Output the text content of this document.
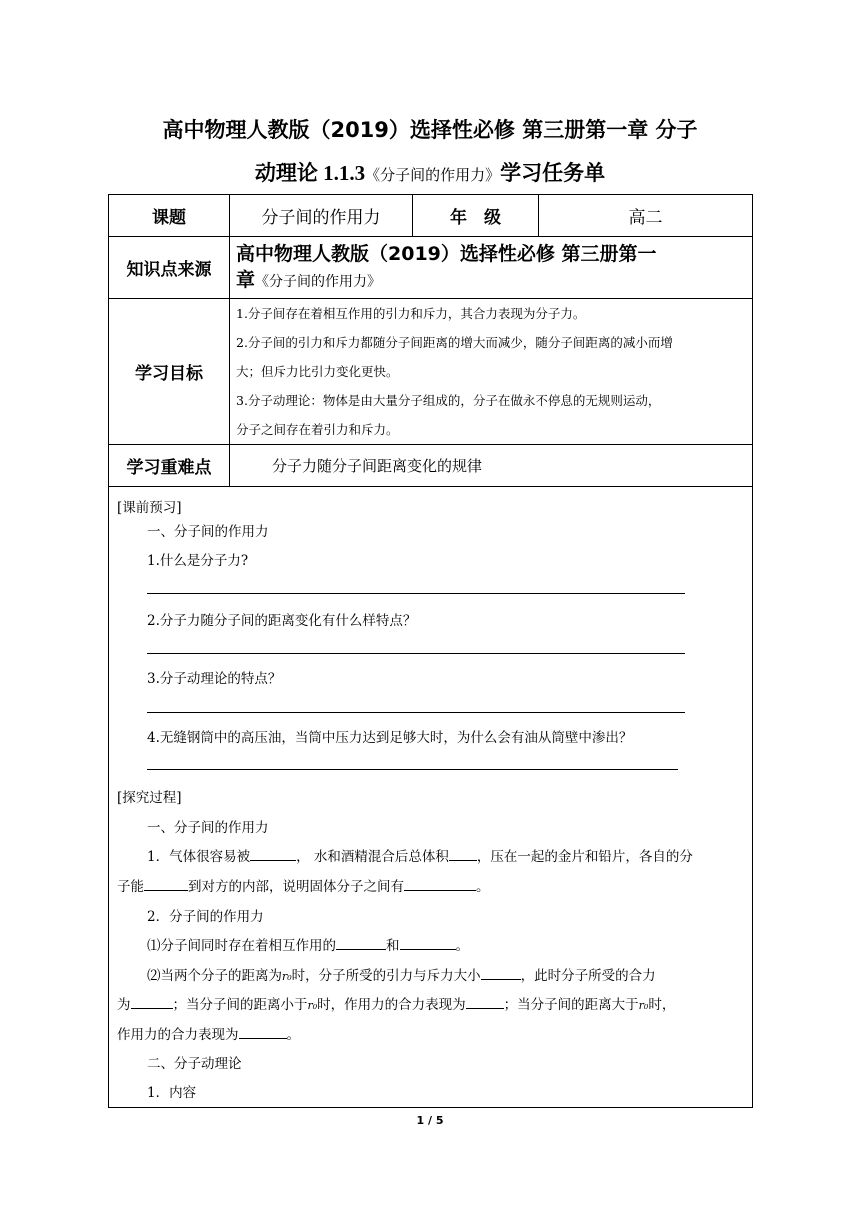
高中物理人教版（2019）选择性必修 第三册第一章 分子
动理论 1.1.3《分子间的作用力》学习任务单
课题	分子间的作用力	年　级	高二
知识点来源	高中物理人教版（2019）选择性必修 第三册第一
章《分子间的作用力》		

学习目标	1.分子间存在着相互作用的引力和斥力，其合力表现为分子力。

2.分子间的引力和斥力都随分子间距离的增大而减少，随分子间距离的减小而增

大；但斥力比引力变化更快。

3.分子动理论：物体是由大量分子组成的，分子在做永不停息的无规则运动，

分子之间存在着引力和斥力。		

学习重难点	分子力随分子间距离变化的规律		
[课前预习]
一、分子间的作用力
1.什么是分子力?
2.分子力随分子间的距离变化有什么样特点？
3.分子动理论的特点？
4.无缝钢筒中的高压油，当筒中压力达到足够大时，为什么会有油从筒壁中渗出？
[探究过程]
一、分子间的作用力
1．气体很容易被	， 水和酒精混合后总体积 ，压在一起的金片和铅片，各自的分
子能	到对方的内部，说明固体分子之间有	。
2．分子间的作用力
⑴分子间同时存在着相互作用的	和	。
⑵当两个分子的距离为r₀时，分子所受的引力与斥力大小	，此时分子所受的合力
为	；当分子间的距离小于r₀时，作用力的合力表现为	；当分子间的距离大于r₀时，
作用力的合力表现为	。
二、分子动理论
1．内容
1 / 5
